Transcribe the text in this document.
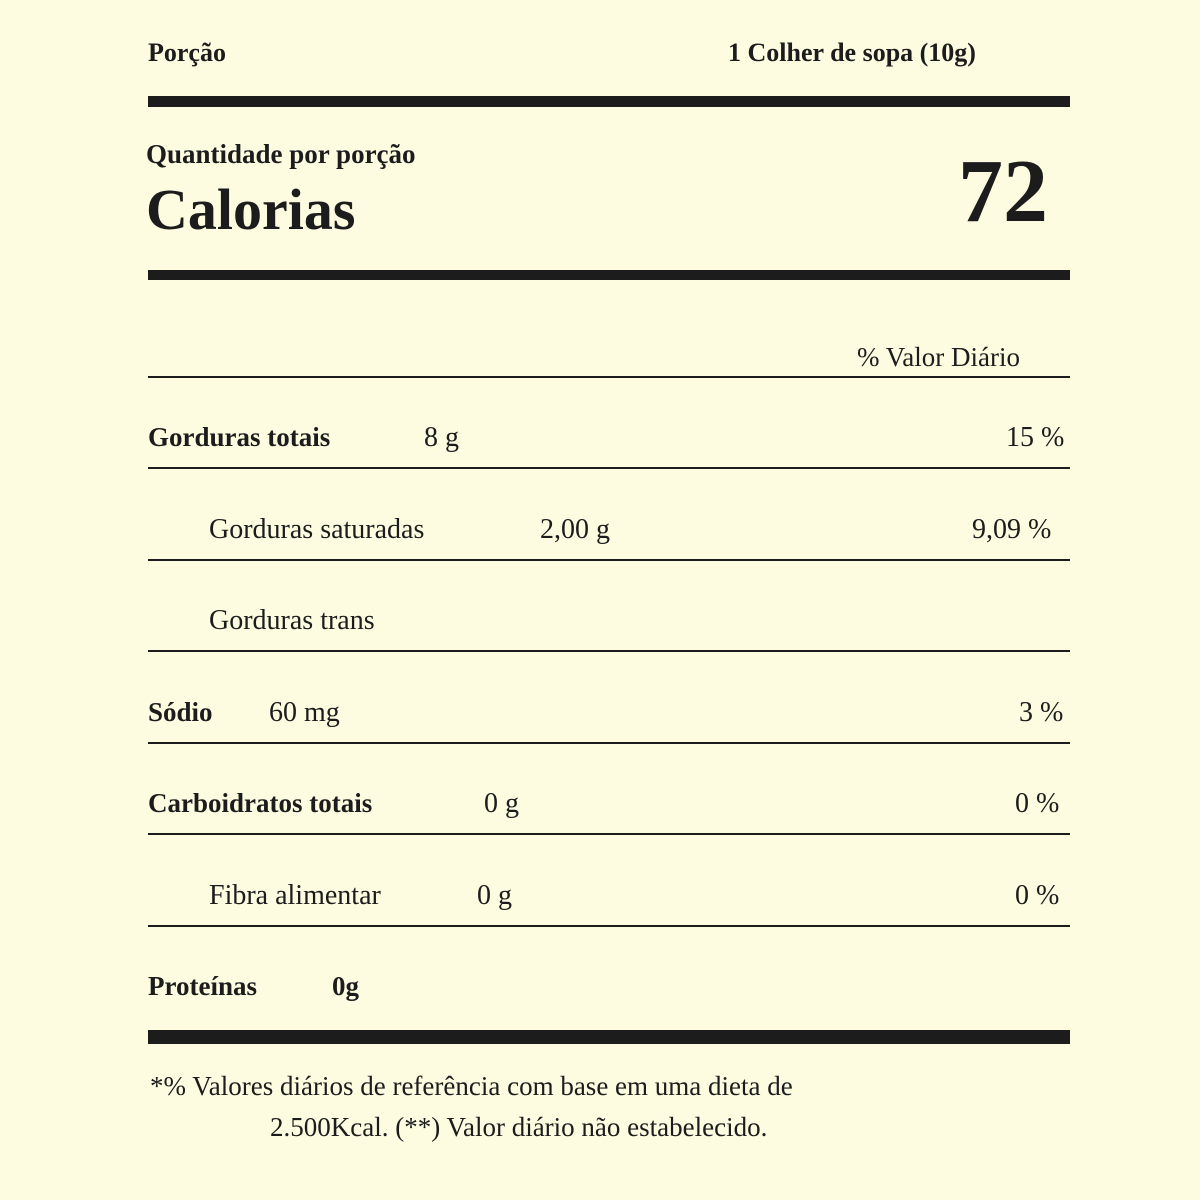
Porção	1 Colher de sopa (10g)
Quantidade por porção
Calorias	72
% Valor Diário
Gorduras totais	8 g	15 %
Gorduras saturadas	2,00 g	9,09 %
Gorduras trans
Sódio 60 mg	3 %
Carboidratos totais	0 g	0 %
Fibra alimentar	0 g	0 %
Proteínas	0g
*% Valores diários de referência com base em uma dieta de
2.500Kcal. (**) Valor diário não estabelecido.
